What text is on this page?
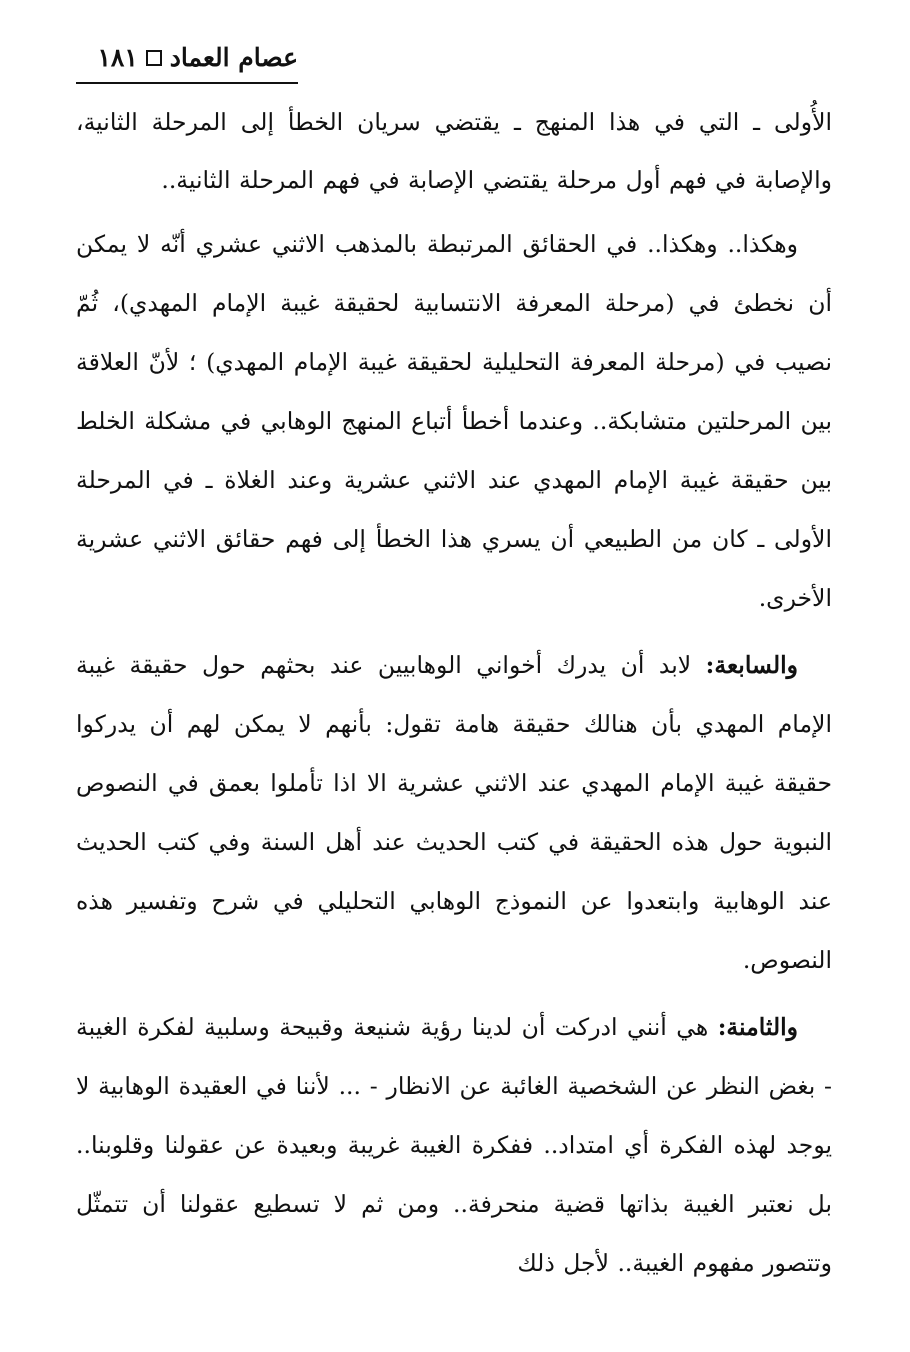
عصام العماد
١٨١

الأُولى ـ التي في هذا المنهج ـ يقتضي سريان الخطأ إلى المرحلة الثانية، والإصابة في فهم أول مرحلة يقتضي الإصابة في فهم المرحلة الثانية..

وهكذا.. وهكذا.. في الحقائق المرتبطة بالمذهب الاثني عشري أنّه لا يمكن أن نخطئ في (مرحلة المعرفة الانتسابية لحقيقة غيبة الإمام المهدي)، ثُمّ نصيب في (مرحلة المعرفة التحليلية لحقيقة غيبة الإمام المهدي) ؛ لأنّ العلاقة بين المرحلتين متشابكة.. وعندما أخطأ أتباع المنهج الوهابي في مشكلة الخلط بين حقيقة غيبة الإمام المهدي عند الاثني عشرية وعند الغلاة ـ في المرحلة الأولى ـ كان من الطبيعي أن يسري هذا الخطأ إلى فهم حقائق الاثني عشرية الأخرى.

والسابعة: لابد أن يدرك أخواني الوهابيين عند بحثهم حول حقيقة غيبة الإمام المهدي بأن هنالك حقيقة هامة تقول: بأنهم لا يمكن لهم أن يدركوا حقيقة غيبة الإمام المهدي عند الاثني عشرية الا اذا تأملوا بعمق في النصوص النبوية حول هذه الحقيقة في كتب الحديث عند أهل السنة وفي كتب الحديث عند الوهابية وابتعدوا عن النموذج الوهابي التحليلي في شرح وتفسير هذه النصوص.

والثامنة: هي أنني ادركت أن لدينا رؤية شنيعة وقبيحة وسلبية لفكرة الغيبة - بغض النظر عن الشخصية الغائبة عن الانظار - ... لأننا في العقيدة الوهابية لا يوجد لهذه الفكرة أي امتداد.. ففكرة الغيبة غريبة وبعيدة عن عقولنا وقلوبنا.. بل نعتبر الغيبة بذاتها قضية منحرفة.. ومن ثم لا تسطيع عقولنا أن تتمثّل وتتصور مفهوم الغيبة.. لأجل ذلك
